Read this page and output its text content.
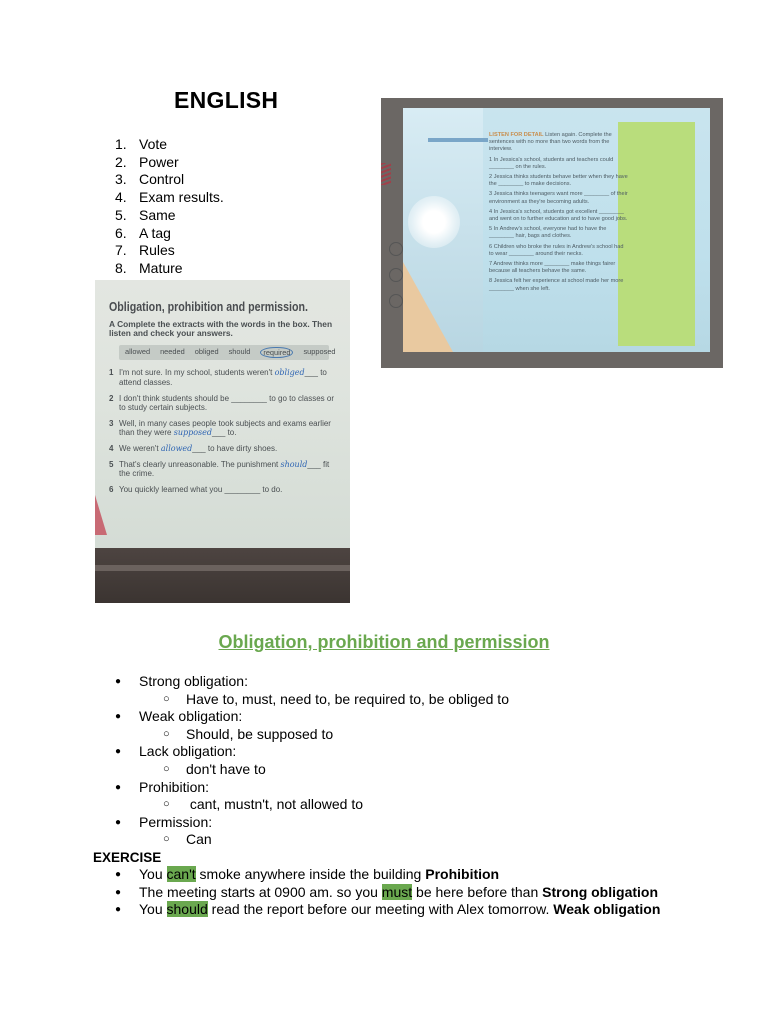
ENGLISH
1. Vote
2. Power
3. Control
4. Exam results.
5. Same
6. A tag
7. Rules
8. Mature

LISTEN FOR DETAIL Listen again. Complete the sentences with no more than two words from the interview.

1 In Jessica's school, students and teachers could ________ on the rules.

2 Jessica thinks students behave better when they have the ________ to make decisions.

3 Jessica thinks teenagers want more ________ of their environment as they're becoming adults.

4 In Jessica's school, students got excellent ________ and went on to further education and to have good jobs.

5 In Andrew's school, everyone had to have the ________ hair, bags and clothes.

6 Children who broke the rules in Andrew's school had to wear ________ around their necks.

7 Andrew thinks more ________ make things fairer because all teachers behave the same.

8 Jessica felt her experience at school made her more ________ when she left.

Obligation, prohibition and permission.
A Complete the extracts with the words in the box. Then listen and check your answers.
allowed needed obliged should	required	supposed
1 I'm not sure. In my school, students weren't obliged___ to attend classes.
2 I don't think students should be ________ to go to classes or to study certain subjects.
3 Well, in many cases people took subjects and exams earlier than they were supposed___ to.
4 We weren't allowed___ to have dirty shoes.
5 That's clearly unreasonable. The punishment should___ fit the crime.
6 You quickly learned what you ________ to do.
Obligation, prohibition and permission
● Strong obligation:
○ Have to, must, need to, be required to, be obliged to
● Weak obligation:
○ Should, be supposed to
● Lack obligation:
○ don't have to
● Prohibition:
○  cant, mustn't, not allowed to
● Permission:
○ Can
EXERCISE
● You can't smoke anywhere inside the building Prohibition
● The meeting starts at 0900 am. so you must be here before than Strong obligation
● You should read the report before our meeting with Alex tomorrow. Weak obligation
